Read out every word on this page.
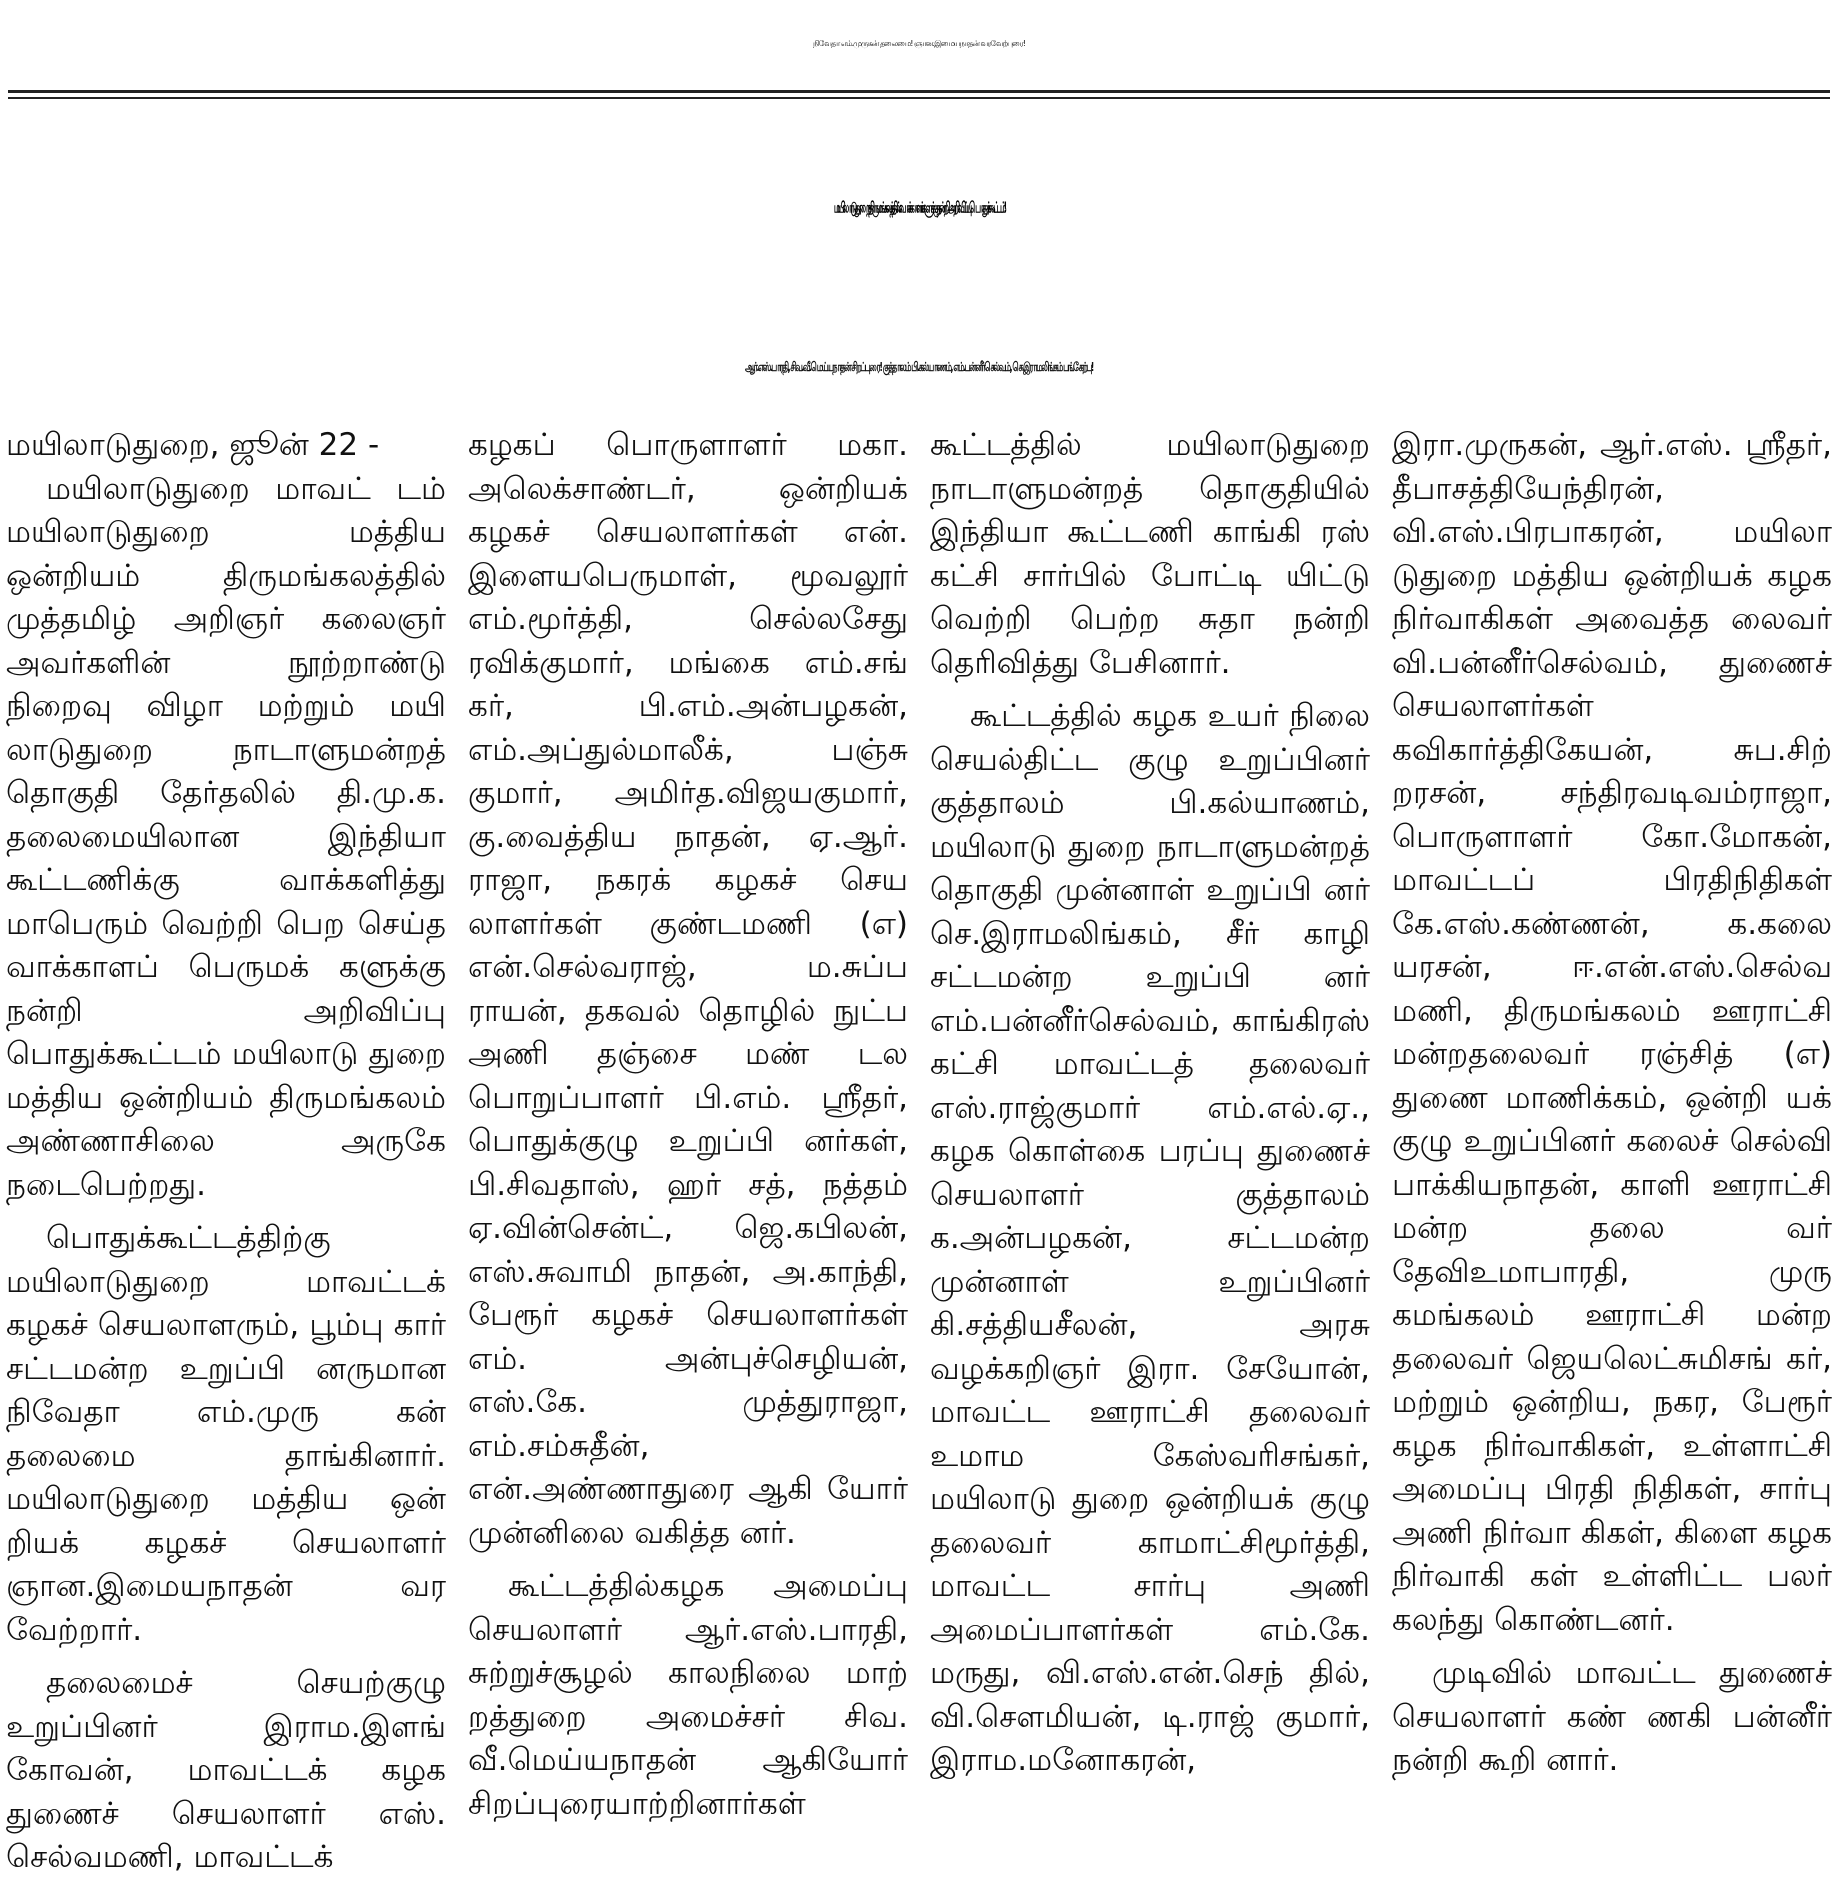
நிவேதா எம்.முருகன் தலைமை! ஞான.இமையநாதன் வரவேற்புரை!
மயிலாடுதுறை - திருமங்கலத்தில் வாக்காளர்களுக்கு நன்றி அறிவிப்பு பொதுக்கூட்டம்!
ஆர்.எஸ்.பாரதி, சிவ.வீ.மெய்யநாதன் சிறப்புரை! குத்தாலம் பி.கல்யாணம், எம்.பன்னீர்செல்வம், செ.இராமலிங்கம் பங்கேற்பு!

மயிலாடுதுறை, ஜூன் 22 -

மயிலாடுதுறை மாவட் டம் மயிலாடுதுறை மத்திய ஒன்றியம் திருமங்கலத்தில் முத்தமிழ் அறிஞர் கலைஞர் அவர்களின் நூற்றாண்டு நிறைவு விழா மற்றும் மயி லாடுதுறை நாடாளுமன்றத் தொகுதி தேர்தலில் தி.மு.க. தலைமையிலான இந்தியா கூட்டணிக்கு வாக்களித்து மாபெரும் வெற்றி பெற செய்த வாக்காளப் பெருமக் களுக்கு நன்றி அறிவிப்பு பொதுக்கூட்டம் மயிலாடு துறை மத்திய ஒன்றியம் திருமங்கலம் அண்ணாசிலை அருகே நடைபெற்றது.

பொதுக்கூட்டத்திற்கு மயிலாடுதுறை மாவட்டக் கழகச் செயலாளரும், பூம்பு கார் சட்டமன்ற உறுப்பி னருமான நிவேதா எம்.முரு கன் தலைமை தாங்கினார். மயிலாடுதுறை மத்திய ஒன் றியக் கழகச் செயலாளர் ஞான.இமையநாதன் வர வேற்றார்.

தலைமைச் செயற்குழு உறுப்பினர் இராம.இளங் கோவன், மாவட்டக் கழக துணைச் செயலாளர் எஸ். செல்வமணி, மாவட்டக்

கழகப் பொருளாளர் மகா. அலெக்சாண்டர், ஒன்றியக் கழகச் செயலாளர்கள் என். இளையபெருமாள், மூவலூர் எம்.மூர்த்தி, செல்லசேது ரவிக்குமார், மங்கை எம்.சங் கர், பி.எம்.அன்பழகன், எம்.அப்துல்மாலீக், பஞ்சு குமார், அமிர்த.விஜயகுமார், கு.வைத்திய நாதன், ஏ.ஆர். ராஜா, நகரக் கழகச் செய லாளர்கள் குண்டமணி (எ) என்.செல்வராஜ், ம.சுப்ப ராயன், தகவல் தொழில் நுட்ப அணி தஞ்சை மண் டல பொறுப்பாளர் பி.எம். ஸ்ரீதர், பொதுக்குழு உறுப்பி னர்கள், பி.சிவதாஸ், ஹர் சத், நத்தம் ஏ.வின்சென்ட், ஜெ.கபிலன், எஸ்.சுவாமி நாதன், அ.காந்தி, பேரூர் கழகச் செயலாளர்கள் எம். அன்புச்செழியன், எஸ்.கே. முத்துராஜா, எம்.சம்சுதீன், என்.அண்ணாதுரை ஆகி யோர் முன்னிலை வகித்த னர்.

கூட்டத்தில்கழக அமைப்பு செயலாளர் ஆர்.எஸ்.பாரதி, சுற்றுச்சூழல் காலநிலை மாற் றத்துறை அமைச்சர் சிவ. வீ.மெய்யநாதன் ஆகியோர் சிறப்புரையாற்றினார்கள்

கூட்டத்தில் மயிலாடுதுறை நாடாளுமன்றத் தொகுதியில் இந்தியா கூட்டணி காங்கி ரஸ் கட்சி சார்பில் போட்டி யிட்டு வெற்றி பெற்ற சுதா நன்றி தெரிவித்து பேசினார்.

கூட்டத்தில் கழக உயர் நிலை செயல்திட்ட குழு உறுப்பினர் குத்தாலம் பி.கல்யாணம், மயிலாடு துறை நாடாளுமன்றத் தொகுதி முன்னாள் உறுப்பி னர் செ.இராமலிங்கம், சீர் காழி சட்டமன்ற உறுப்பி னர் எம்.பன்னீர்செல்வம், காங்கிரஸ் கட்சி மாவட்டத் தலைவர் எஸ்.ராஜ்குமார் எம்.எல்.ஏ., கழக கொள்கை பரப்பு துணைச் செயலாளர் குத்தாலம் க.அன்பழகன், சட்டமன்ற முன்னாள் உறுப்பினர் கி.சத்தியசீலன், அரசு வழக்கறிஞர் இரா. சேயோன், மாவட்ட ஊராட்சி தலைவர் உமாம கேஸ்வரிசங்கர், மயிலாடு துறை ஒன்றியக் குழு தலைவர் காமாட்சிமூர்த்தி, மாவட்ட சார்பு அணி அமைப்பாளர்கள் எம்.கே. மருது, வி.எஸ்.என்.செந் தில், வி.சௌமியன், டி.ராஜ் குமார், இராம.மனோகரன்,

இரா.முருகன், ஆர்.எஸ். ஸ்ரீதர், தீபாசத்தியேந்திரன், வி.எஸ்.பிரபாகரன், மயிலா டுதுறை மத்திய ஒன்றியக் கழக நிர்வாகிகள் அவைத்த லைவர் வி.பன்னீர்செல்வம், துணைச் செயலாளர்கள் கவிகார்த்திகேயன், சுப.சிற் றரசன், சந்திரவடிவம்ராஜா, பொருளாளர் கோ.மோகன், மாவட்டப் பிரதிநிதிகள் கே.எஸ்.கண்ணன், க.கலை யரசன், ஈ.என்.எஸ்.செல்வ மணி, திருமங்கலம் ஊராட்சி மன்றதலைவர் ரஞ்சித் (எ) துணை மாணிக்கம், ஒன்றி யக் குழு உறுப்பினர் கலைச் செல்வி பாக்கியநாதன், காளி ஊராட்சி மன்ற தலை வர் தேவிஉமாபாரதி, முரு கமங்கலம் ஊராட்சி மன்ற தலைவர் ஜெயலெட்சுமிசங் கர், மற்றும் ஒன்றிய, நகர, பேரூர் கழக நிர்வாகிகள், உள்ளாட்சி அமைப்பு பிரதி நிதிகள், சார்பு அணி நிர்வா கிகள், கிளை கழக நிர்வாகி கள் உள்ளிட்ட பலர் கலந்து கொண்டனர்.

முடிவில் மாவட்ட துணைச் செயலாளர் கண் ணகி பன்னீர் நன்றி கூறி னார்.
